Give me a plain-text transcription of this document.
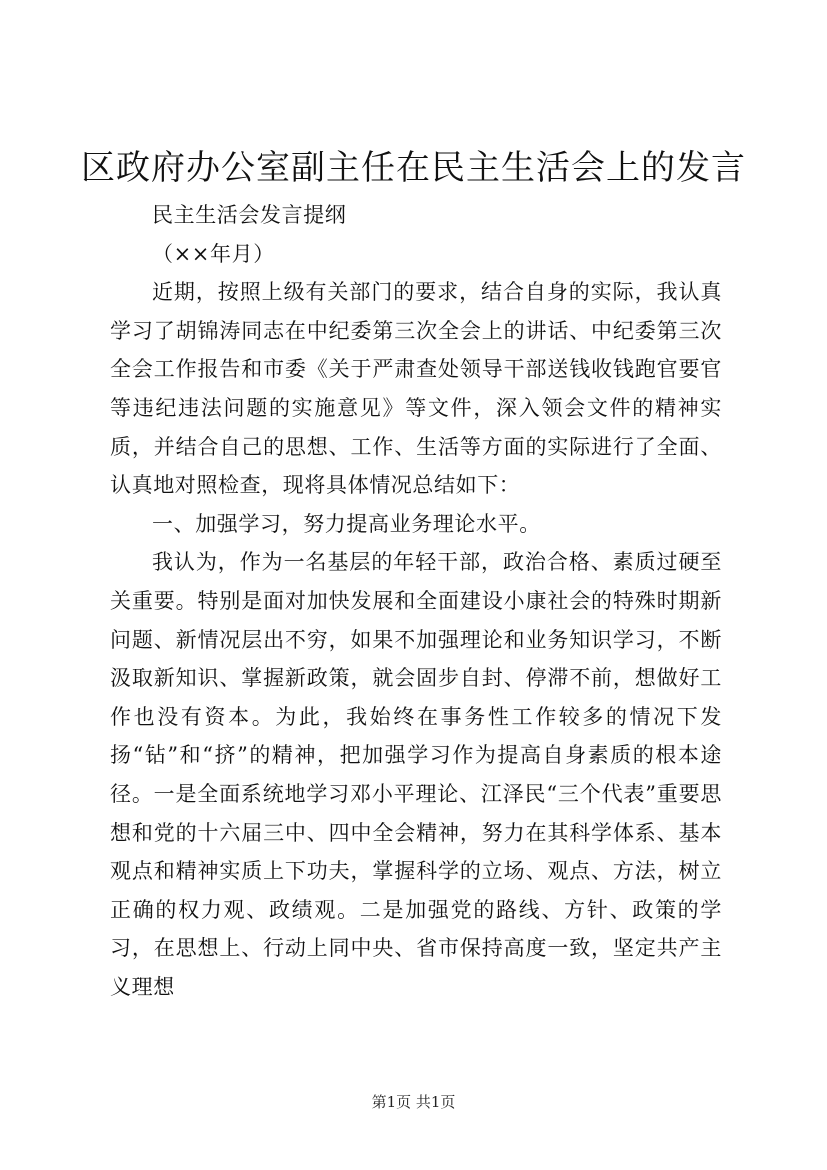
区政府办公室副主任在民主生活会上的发言

民主生活会发言提纲

（××年月）

近期，按照上级有关部门的要求，结合自身的实际，我认真学习了胡锦涛同志在中纪委第三次全会上的讲话、中纪委第三次全会工作报告和市委《关于严肃查处领导干部送钱收钱跑官要官等违纪违法问题的实施意见》等文件，深入领会文件的精神实质，并结合自己的思想、工作、生活等方面的实际进行了全面、认真地对照检查，现将具体情况总结如下：

一、加强学习，努力提高业务理论水平。

我认为，作为一名基层的年轻干部，政治合格、素质过硬至关重要。特别是面对加快发展和全面建设小康社会的特殊时期新问题、新情况层出不穷，如果不加强理论和业务知识学习，不断汲取新知识、掌握新政策，就会固步自封、停滞不前，想做好工作也没有资本。为此，我始终在事务性工作较多的情况下发扬“钻”和“挤”的精神，把加强学习作为提高自身素质的根本途径。一是全面系统地学习邓小平理论、江泽民“三个代表”重要思想和党的十六届三中、四中全会精神，努力在其科学体系、基本观点和精神实质上下功夫，掌握科学的立场、观点、方法，树立正确的权力观、政绩观。二是加强党的路线、方针、政策的学习，在思想上、行动上同中央、省市保持高度一致，坚定共产主义理想

第1页 共1页
